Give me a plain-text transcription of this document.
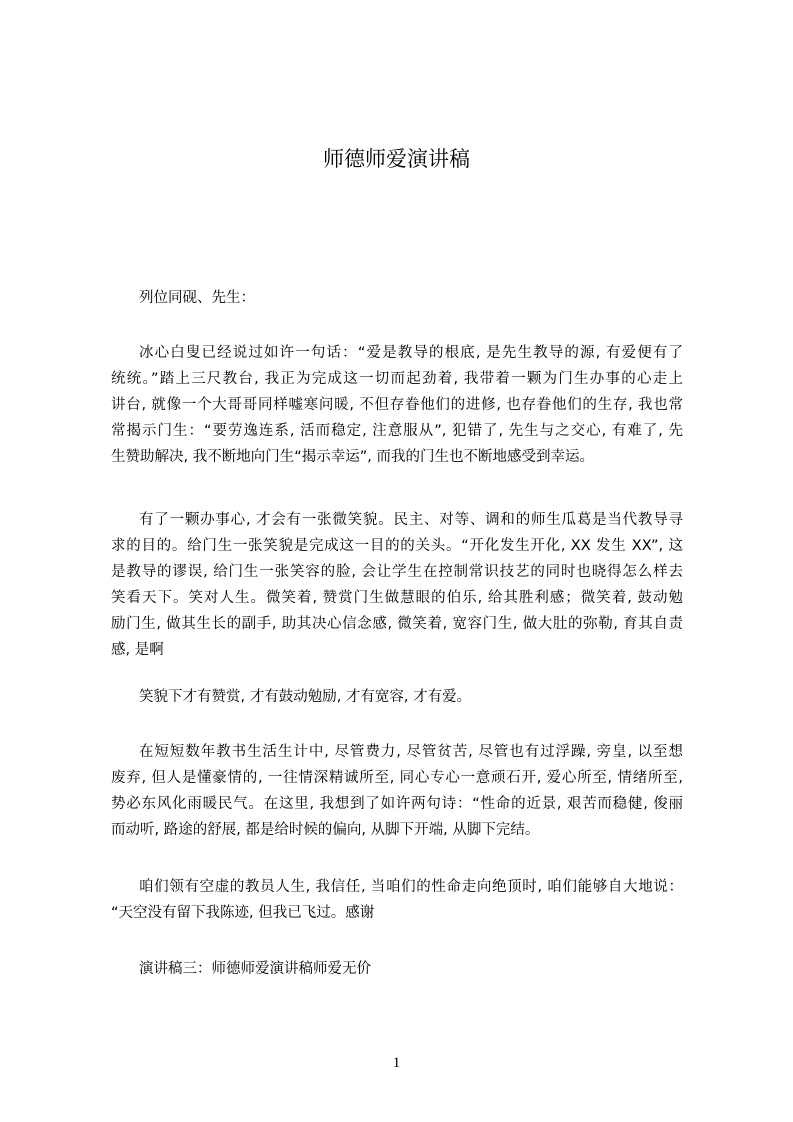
师德师爱演讲稿
列位同砚、先生：
冰心白叟已经说过如许一句话：“爱是教导的根底, 是先生教导的源, 有爱便有了
统统。”踏上三尺教台, 我正为完成这一切而起劲着, 我带着一颗为门生办事的心走上
讲台, 就像一个大哥哥同样嘘寒问暖, 不但存眷他们的进修, 也存眷他们的生存, 我也常
常揭示门生：“要劳逸连系, 活而稳定, 注意服从”, 犯错了, 先生与之交心, 有难了, 先
生赞助解决, 我不断地向门生“揭示幸运”, 而我的门生也不断地感受到幸运。
有了一颗办事心, 才会有一张微笑貌。民主、对等、调和的师生瓜葛是当代教导寻
求的目的。给门生一张笑貌是完成这一目的的关头。“开化发生开化, XX 发生 XX”, 这
是教导的谬误, 给门生一张笑容的脸, 会让学生在控制常识技艺的同时也晓得怎么样去
笑看天下。笑对人生。微笑着, 赞赏门生做慧眼的伯乐, 给其胜利感；微笑着, 鼓动勉
励门生, 做其生长的副手, 助其决心信念感, 微笑着, 宽容门生, 做大肚的弥勒, 育其自责
感, 是啊
笑貌下才有赞赏, 才有鼓动勉励, 才有宽容, 才有爱。
在短短数年教书生活生计中, 尽管费力, 尽管贫苦, 尽管也有过浮躁, 旁皇, 以至想
废弃, 但人是懂豪情的, 一往情深精诚所至, 同心专心一意顽石开, 爱心所至, 情绪所至,
势必东风化雨暖民气。在这里, 我想到了如许两句诗：“性命的近景, 艰苦而稳健, 俊丽
而动听, 路途的舒展, 都是给时候的偏向, 从脚下开端, 从脚下完结。
咱们领有空虚的教员人生, 我信任, 当咱们的性命走向绝顶时, 咱们能够自大地说：
“天空没有留下我陈迹, 但我已飞过。感谢
演讲稿三：师德师爱演讲稿师爱无价
1
